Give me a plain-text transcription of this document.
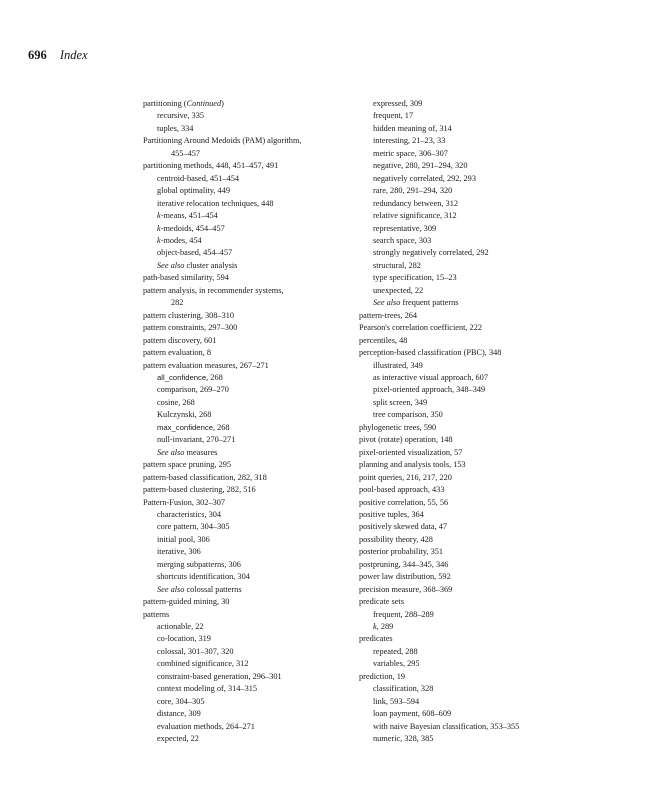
696 Index
partitioning (Continued)
recursive, 335
tuples, 334
Partitioning Around Medoids (PAM) algorithm,
455–457
partitioning methods, 448, 451–457, 491
centroid-based, 451–454
global optimality, 449
iterative relocation techniques, 448
k-means, 451–454
k-medoids, 454–457
k-modes, 454
object-based, 454–457
See also cluster analysis
path-based similarity, 594
pattern analysis, in recommender systems,
282
pattern clustering, 308–310
pattern constraints, 297–300
pattern discovery, 601
pattern evaluation, 8
pattern evaluation measures, 267–271
all_confidence, 268
comparison, 269–270
cosine, 268
Kulczynski, 268
max_confidence, 268
null-invariant, 270–271
See also measures
pattern space pruning, 295
pattern-based classification, 282, 318
pattern-based clustering, 282, 516
Pattern-Fusion, 302–307
characteristics, 304
core pattern, 304–305
initial pool, 306
iterative, 306
merging subpatterns, 306
shortcuts identification, 304
See also colossal patterns
pattern-guided mining, 30
patterns
actionable, 22
co-location, 319
colossal, 301–307, 320
combined significance, 312
constraint-based generation, 296–301
context modeling of, 314–315
core, 304–305
distance, 309
evaluation methods, 264–271
expected, 22
expressed, 309
frequent, 17
hidden meaning of, 314
interesting, 21–23, 33
metric space, 306–307
negative, 280, 291–294, 320
negatively correlated, 292, 293
rare, 280, 291–294, 320
redundancy between, 312
relative significance, 312
representative, 309
search space, 303
strongly negatively correlated, 292
structural, 282
type specification, 15–23
unexpected, 22
See also frequent patterns
pattern-trees, 264
Pearson's correlation coefficient, 222
percentiles, 48
perception-based classification (PBC), 348
illustrated, 349
as interactive visual approach, 607
pixel-oriented approach, 348–349
split screen, 349
tree comparison, 350
phylogenetic trees, 590
pivot (rotate) operation, 148
pixel-oriented visualization, 57
planning and analysis tools, 153
point queries, 216, 217, 220
pool-based approach, 433
positive correlation, 55, 56
positive tuples, 364
positively skewed data, 47
possibility theory, 428
posterior probability, 351
postpruning, 344–345, 346
power law distribution, 592
precision measure, 368–369
predicate sets
frequent, 288–289
k, 289
predicates
repeated, 288
variables, 295
prediction, 19
classification, 328
link, 593–594
loan payment, 608–609
with naive Bayesian classification, 353–355
numeric, 328, 385
